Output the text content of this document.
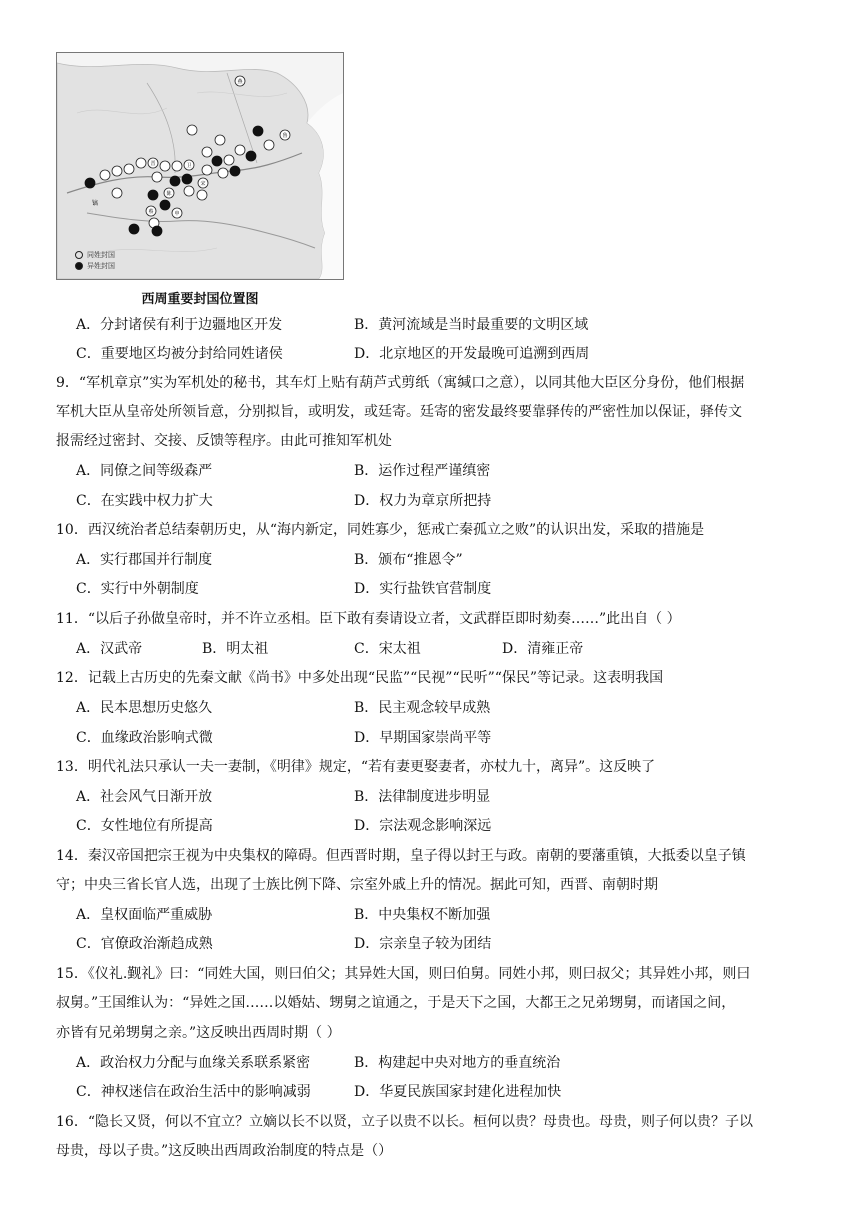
燕
鲁
卫
晋
宋
陈
蔡	申
镐
同姓封国
异姓封国
西周重要封国位置图
A．分封诸侯有利于边疆地区开发	B．黄河流域是当时最重要的文明区域
C．重要地区均被分封给同姓诸侯	D．北京地区的开发最晚可追溯到西周
9．“军机章京”实为军机处的秘书，其车灯上贴有葫芦式剪纸（寓缄口之意），以同其他大臣区分身份，他们根据
军机大臣从皇帝处所领旨意，分别拟旨，或明发，或廷寄。廷寄的密发最终要靠驿传的严密性加以保证，驿传文
报需经过密封、交接、反馈等程序。由此可推知军机处
A．同僚之间等级森严	B．运作过程严谨缜密
C．在实践中权力扩大	D．权力为章京所把持
10．西汉统治者总结秦朝历史，从“海内新定，同姓寡少，惩戒亡秦孤立之败”的认识出发，采取的措施是
A．实行郡国并行制度	B．颁布“推恩令”
C．实行中外朝制度	D．实行盐铁官营制度
11．“以后子孙做皇帝时，并不许立丞相。臣下敢有奏请设立者，文武群臣即时劾奏……”此出自（ ）
A．汉武帝	B．明太祖	C．宋太祖	D．清雍正帝
12．记载上古历史的先秦文献《尚书》中多处出现“民监”“民视”“民听”“保民”等记录。这表明我国
A．民本思想历史悠久	B．民主观念较早成熟
C．血缘政治影响式微	D．早期国家崇尚平等
13．明代礼法只承认一夫一妻制，《明律》规定，“若有妻更娶妻者，亦杖九十，离异”。这反映了
A．社会风气日渐开放	B．法律制度进步明显
C．女性地位有所提高	D．宗法观念影响深远
14．秦汉帝国把宗王视为中央集权的障碍。但西晋时期，皇子得以封王与政。南朝的要藩重镇，大抵委以皇子镇
守；中央三省长官人选，出现了士族比例下降、宗室外戚上升的情况。据此可知，西晋、南朝时期
A．皇权面临严重威胁	B．中央集权不断加强
C．官僚政治渐趋成熟	D．宗亲皇子较为团结
15．《仪礼.觐礼》曰：“同姓大国，则曰伯父；其异姓大国，则曰伯舅。同姓小邦，则曰叔父；其异姓小邦，则曰
叔舅。”王国维认为：“异姓之国……以婚姑、甥舅之谊通之，于是天下之国，大都王之兄弟甥舅，而诸国之间，
亦皆有兄弟甥舅之亲。”这反映出西周时期（ ）
A．政治权力分配与血缘关系联系紧密	B．构建起中央对地方的垂直统治
C．神权迷信在政治生活中的影响减弱	D．华夏民族国家封建化进程加快
16．“隐长又贤，何以不宜立？立嫡以长不以贤，立子以贵不以长。桓何以贵？母贵也。母贵，则子何以贵？子以
母贵，母以子贵。”这反映出西周政治制度的特点是（）
